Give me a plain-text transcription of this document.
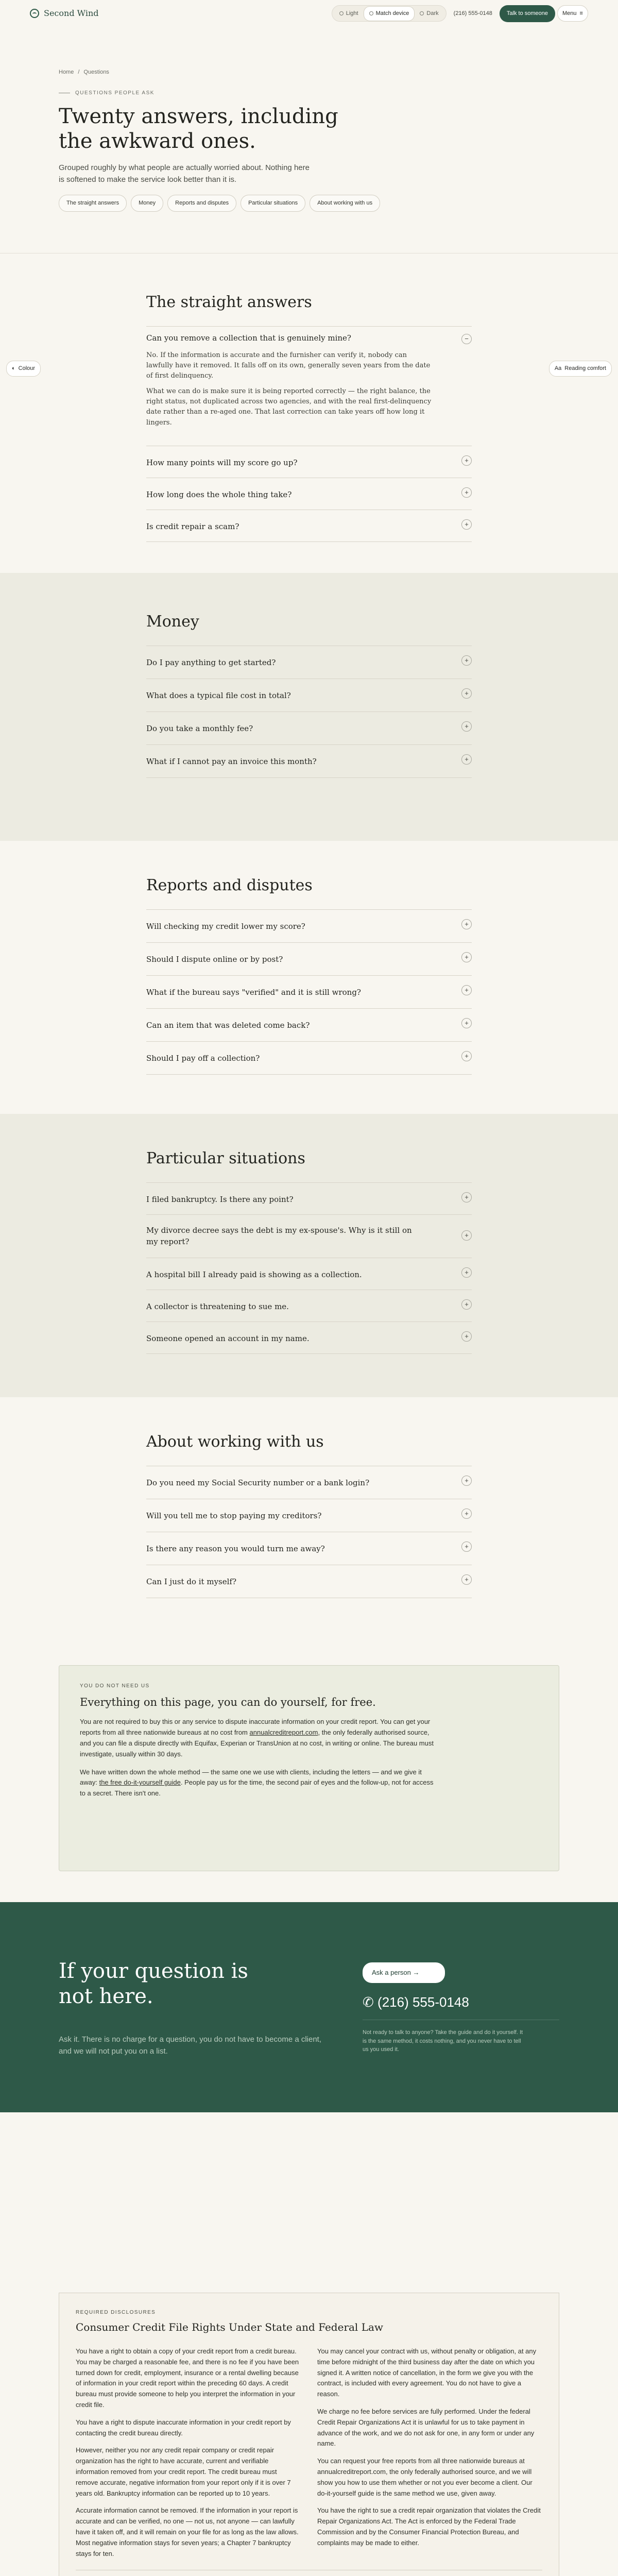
Second Wind	Light	Match device	Dark	(216) 555-0148	Talk to someone	Menu ≡
Home / Questions
QUESTIONS PEOPLE ASK
Twenty answers, including the awkward ones.

Grouped roughly by what people are actually worried about. Nothing here is softened to make the service look better than it is.

The straight answers	Money	Reports and disputes	Particular situations	About working with us
◐ Colour	Aa Reading comfort
The straight answers
Can you remove a collection that is genuinely mine?

No. If the information is accurate and the furnisher can verify it, nobody can lawfully have it removed. It falls off on its own, generally seven years from the date of first delinquency.

What we can do is make sure it is being reported correctly — the right balance, the right status, not duplicated across two agencies, and with the real first-delinquency date rather than a re-aged one. That last correction can take years off how long it lingers.

−
How many points will my score go up?	+
How long does the whole thing take?	+
Is credit repair a scam?	+
Money
Do I pay anything to get started?	+
What does a typical file cost in total?	+
Do you take a monthly fee?	+
What if I cannot pay an invoice this month?	+
Reports and disputes
Will checking my credit lower my score?	+
Should I dispute online or by post?	+
What if the bureau says "verified" and it is still wrong?	+
Can an item that was deleted come back?	+
Should I pay off a collection?	+
Particular situations
I filed bankruptcy. Is there any point?	+
My divorce decree says the debt is my ex-spouse's. Why is it still on my report?
+
A hospital bill I already paid is showing as a collection.	+
A collector is threatening to sue me.	+
Someone opened an account in my name.	+
About working with us
Do you need my Social Security number or a bank login?	+
Will you tell me to stop paying my creditors?	+
Is there any reason you would turn me away?	+
Can I just do it myself?	+
YOU DO NOT NEED US
Everything on this page, you can do yourself, for free.

You are not required to buy this or any service to dispute inaccurate information on your credit report. You can get your reports from all three nationwide bureaus at no cost from annualcreditreport.com, the only federally authorised source, and you can file a dispute directly with Equifax, Experian or TransUnion at no cost, in writing or online. The bureau must investigate, usually within 30 days.

We have written down the whole method — the same one we use with clients, including the letters — and we give it away: the free do-it-yourself guide. People pay us for the time, the second pair of eyes and the follow-up, not for access to a secret. There isn't one.

If your question is not here.
Ask it. There is no charge for a question, you do not have to become a client, and we will not put you on a list.
Ask a person →
✆ (216) 555-0148
Not ready to talk to anyone? Take the guide and do it yourself. It is the same method, it costs nothing, and you never have to tell us you used it.
REQUIRED DISCLOSURES
Consumer Credit File Rights Under State and Federal Law

You have a right to obtain a copy of your credit report from a credit bureau. You may be charged a reasonable fee, and there is no fee if you have been turned down for credit, employment, insurance or a rental dwelling because of information in your credit report within the preceding 60 days. A credit bureau must provide someone to help you interpret the information in your credit file.

You have a right to dispute inaccurate information in your credit report by contacting the credit bureau directly.

However, neither you nor any credit repair company or credit repair organization has the right to have accurate, current and verifiable information removed from your credit report. The credit bureau must remove accurate, negative information from your report only if it is over 7 years old. Bankruptcy information can be reported up to 10 years.

Accurate information cannot be removed. If the information in your report is accurate and can be verified, no one — not us, not anyone — can lawfully have it taken off, and it will remain on your file for as long as the law allows. Most negative information stays for seven years; a Chapter 7 bankruptcy stays for ten.

You may cancel your contract with us, without penalty or obligation, at any time before midnight of the third business day after the date on which you signed it. A written notice of cancellation, in the form we give you with the contract, is included with every agreement. You do not have to give a reason.

We charge no fee before services are fully performed. Under the federal Credit Repair Organizations Act it is unlawful for us to take payment in advance of the work, and we do not ask for one, in any form or under any name.

You can request your free reports from all three nationwide bureaus at annualcreditreport.com, the only federally authorised source, and we will show you how to use them whether or not you ever become a client. Our do-it-yourself guide is the same method we use, given away.

You have the right to sue a credit repair organization that violates the Credit Repair Organizations Act. The Act is enforced by the Federal Trade Commission and by the Consumer Financial Protection Bureau, and complaints may be made to either.
